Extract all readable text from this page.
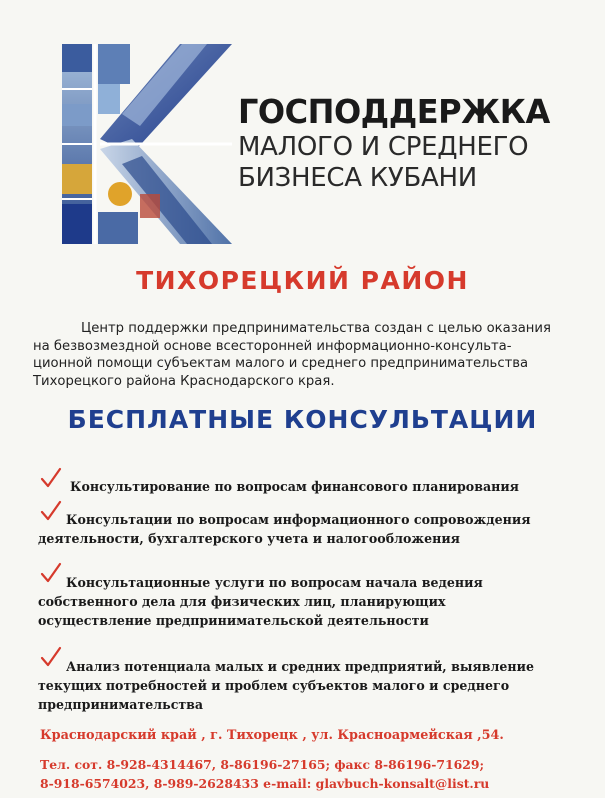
ГОСПОДДЕРЖКА
МАЛОГО И СРЕДНЕГО
БИЗНЕСА КУБАНИ
ТИХОРЕЦКИЙ РАЙОН
Центр поддержки предпринимательства создан с целью оказания
на безвозмездной основе всесторонней информационно-консульта-
ционной помощи субъектам малого и среднего предпринимательства
Тихорецкого района Краснодарского края.
БЕСПЛАТНЫЕ КОНСУЛЬТАЦИИ
Консультирование по вопросам финансового планирования
Консультации по вопросам информационного сопровождения
деятельности, бухгалтерского учета и налогообложения
Консультационные услуги по вопросам начала ведения
собственного дела для физических лиц, планирующих
осуществление предпринимательской деятельности
Анализ потенциала малых и средних предприятий, выявление
текущих потребностей и проблем субъектов малого и среднего
предпринимательства
Краснодарский край , г. Тихорецк , ул. Красноармейская ,54.
Тел. сот. 8-928-4314467, 8-86196-27165; факс 8-86196-71629;
8-918-6574023, 8-989-2628433 e-mail: glavbuch-konsalt@list.ru
